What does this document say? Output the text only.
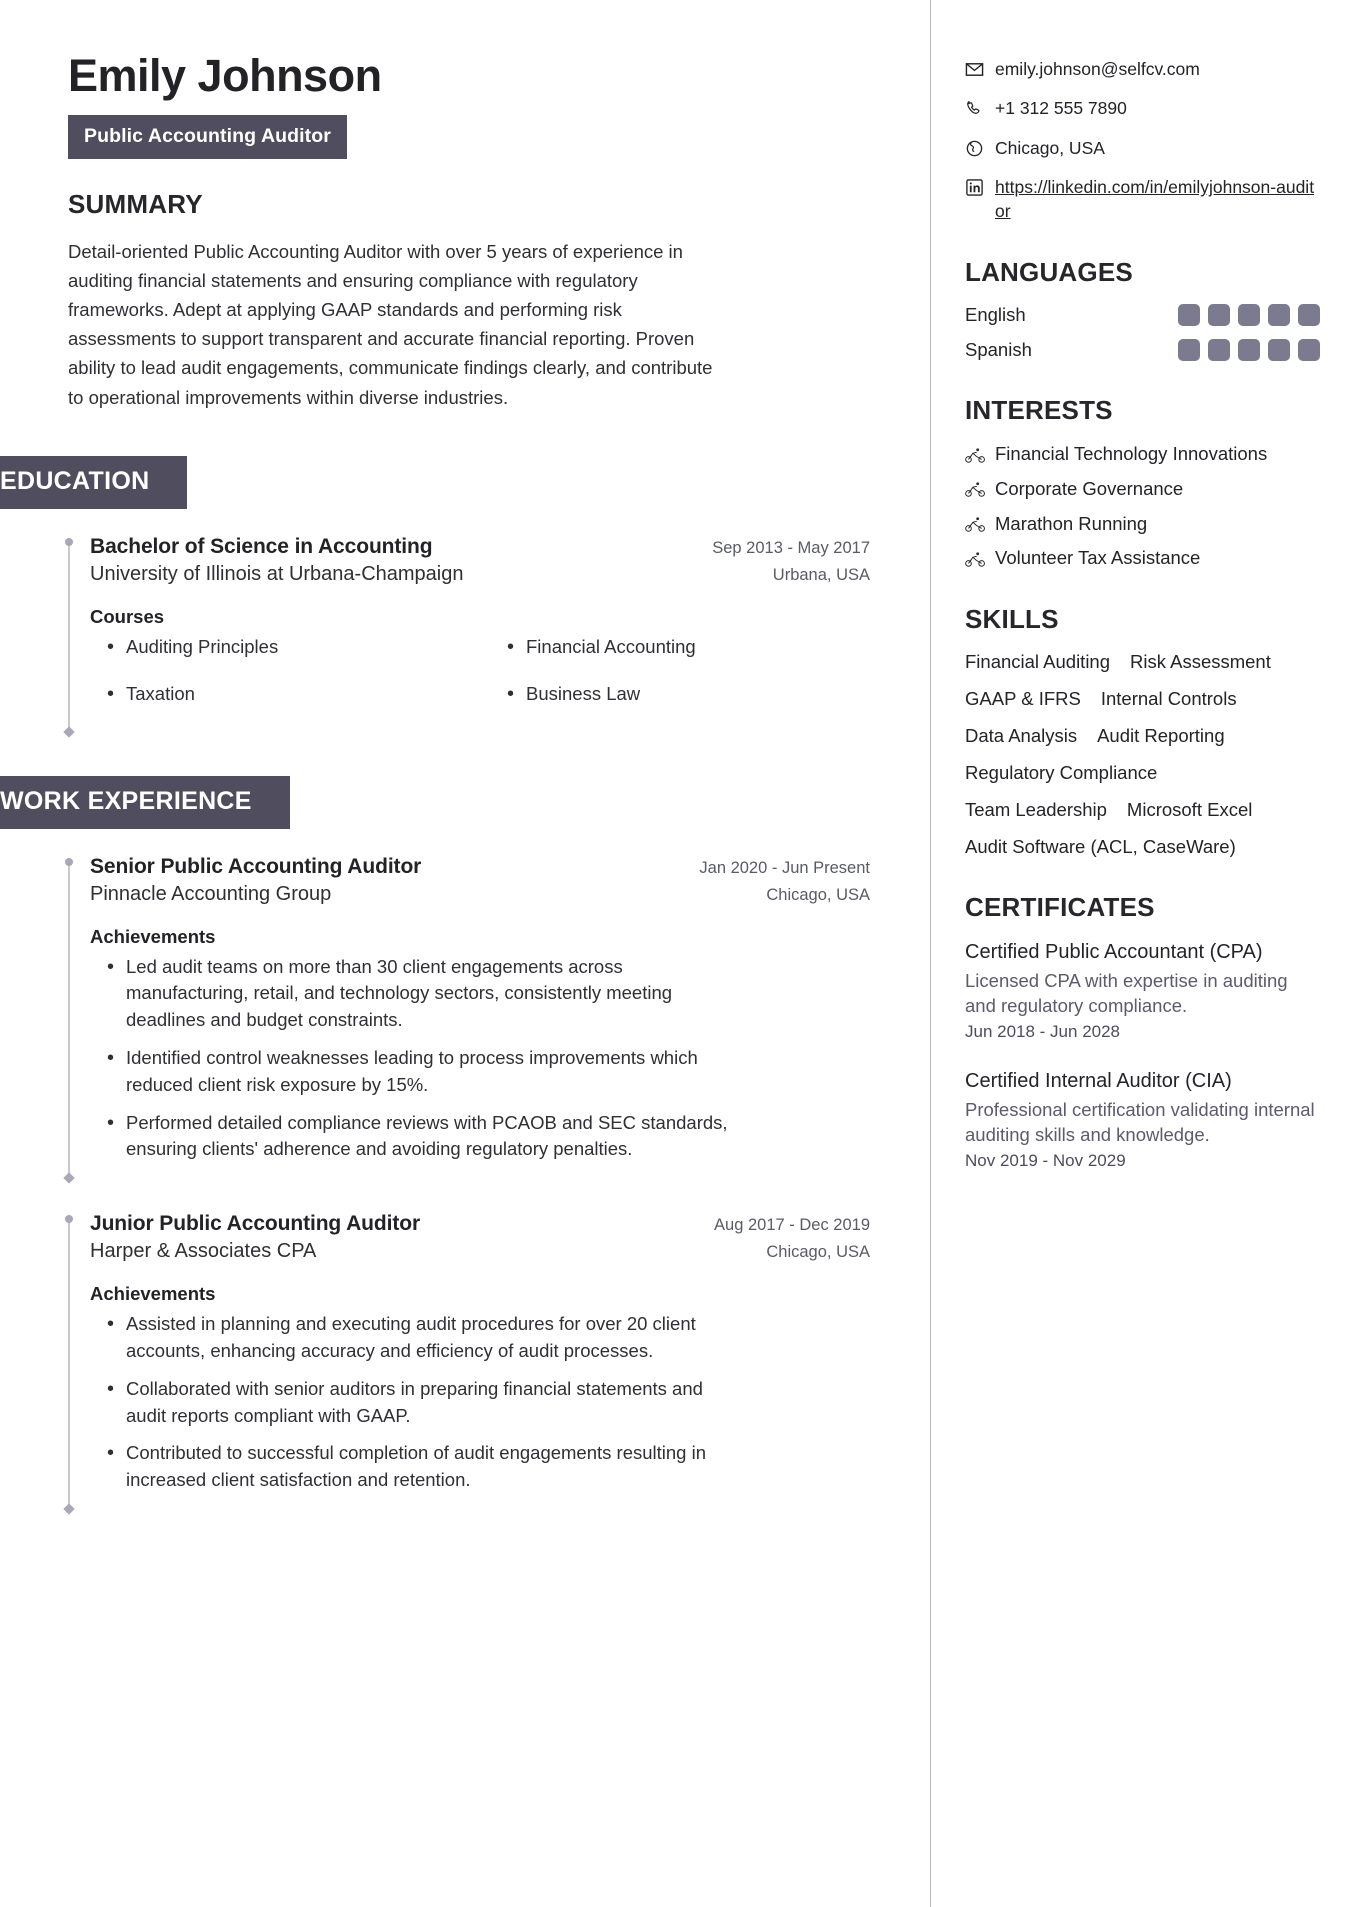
Emily Johnson
Public Accounting Auditor
SUMMARY

Detail-oriented Public Accounting Auditor with over 5 years of experience in auditing financial statements and ensuring compliance with regulatory frameworks. Adept at applying GAAP standards and performing risk assessments to support transparent and accurate financial reporting. Proven ability to lead audit engagements, communicate findings clearly, and contribute to operational improvements within diverse industries.

EDUCATION
Bachelor of Science in Accounting	Sep 2013 - May 2017
University of Illinois at Urbana-Champaign	Urbana, USA
Courses
• Auditing Principles	• Financial Accounting
• Taxation	• Business Law
WORK EXPERIENCE
Senior Public Accounting Auditor	Jan 2020 - Jun Present
Pinnacle Accounting Group	Chicago, USA
Achievements
• Led audit teams on more than 30 client engagements across manufacturing, retail, and technology sectors, consistently meeting deadlines and budget constraints.
• Identified control weaknesses leading to process improvements which reduced client risk exposure by 15%.
• Performed detailed compliance reviews with PCAOB and SEC standards, ensuring clients' adherence and avoiding regulatory penalties.
Junior Public Accounting Auditor	Aug 2017 - Dec 2019
Harper & Associates CPA	Chicago, USA
Achievements
• Assisted in planning and executing audit procedures for over 20 client accounts, enhancing accuracy and efficiency of audit processes.
• Collaborated with senior auditors in preparing financial statements and audit reports compliant with GAAP.
• Contributed to successful completion of audit engagements resulting in increased client satisfaction and retention.
emily.johnson@selfcv.com
+1 312 555 7890
Chicago, USA
https://linkedin.com/in/emilyjohnson-auditor
LANGUAGES
English
Spanish
INTERESTS
Financial Technology Innovations
Corporate Governance
Marathon Running
Volunteer Tax Assistance
SKILLS
Financial Auditing Risk Assessment
GAAP & IFRS Internal Controls
Data Analysis Audit Reporting
Regulatory Compliance
Team Leadership Microsoft Excel
Audit Software (ACL, CaseWare)
CERTIFICATES
Certified Public Accountant (CPA)
Licensed CPA with expertise in auditing and regulatory compliance.
Jun 2018 - Jun 2028
Certified Internal Auditor (CIA)
Professional certification validating internal auditing skills and knowledge.
Nov 2019 - Nov 2029
